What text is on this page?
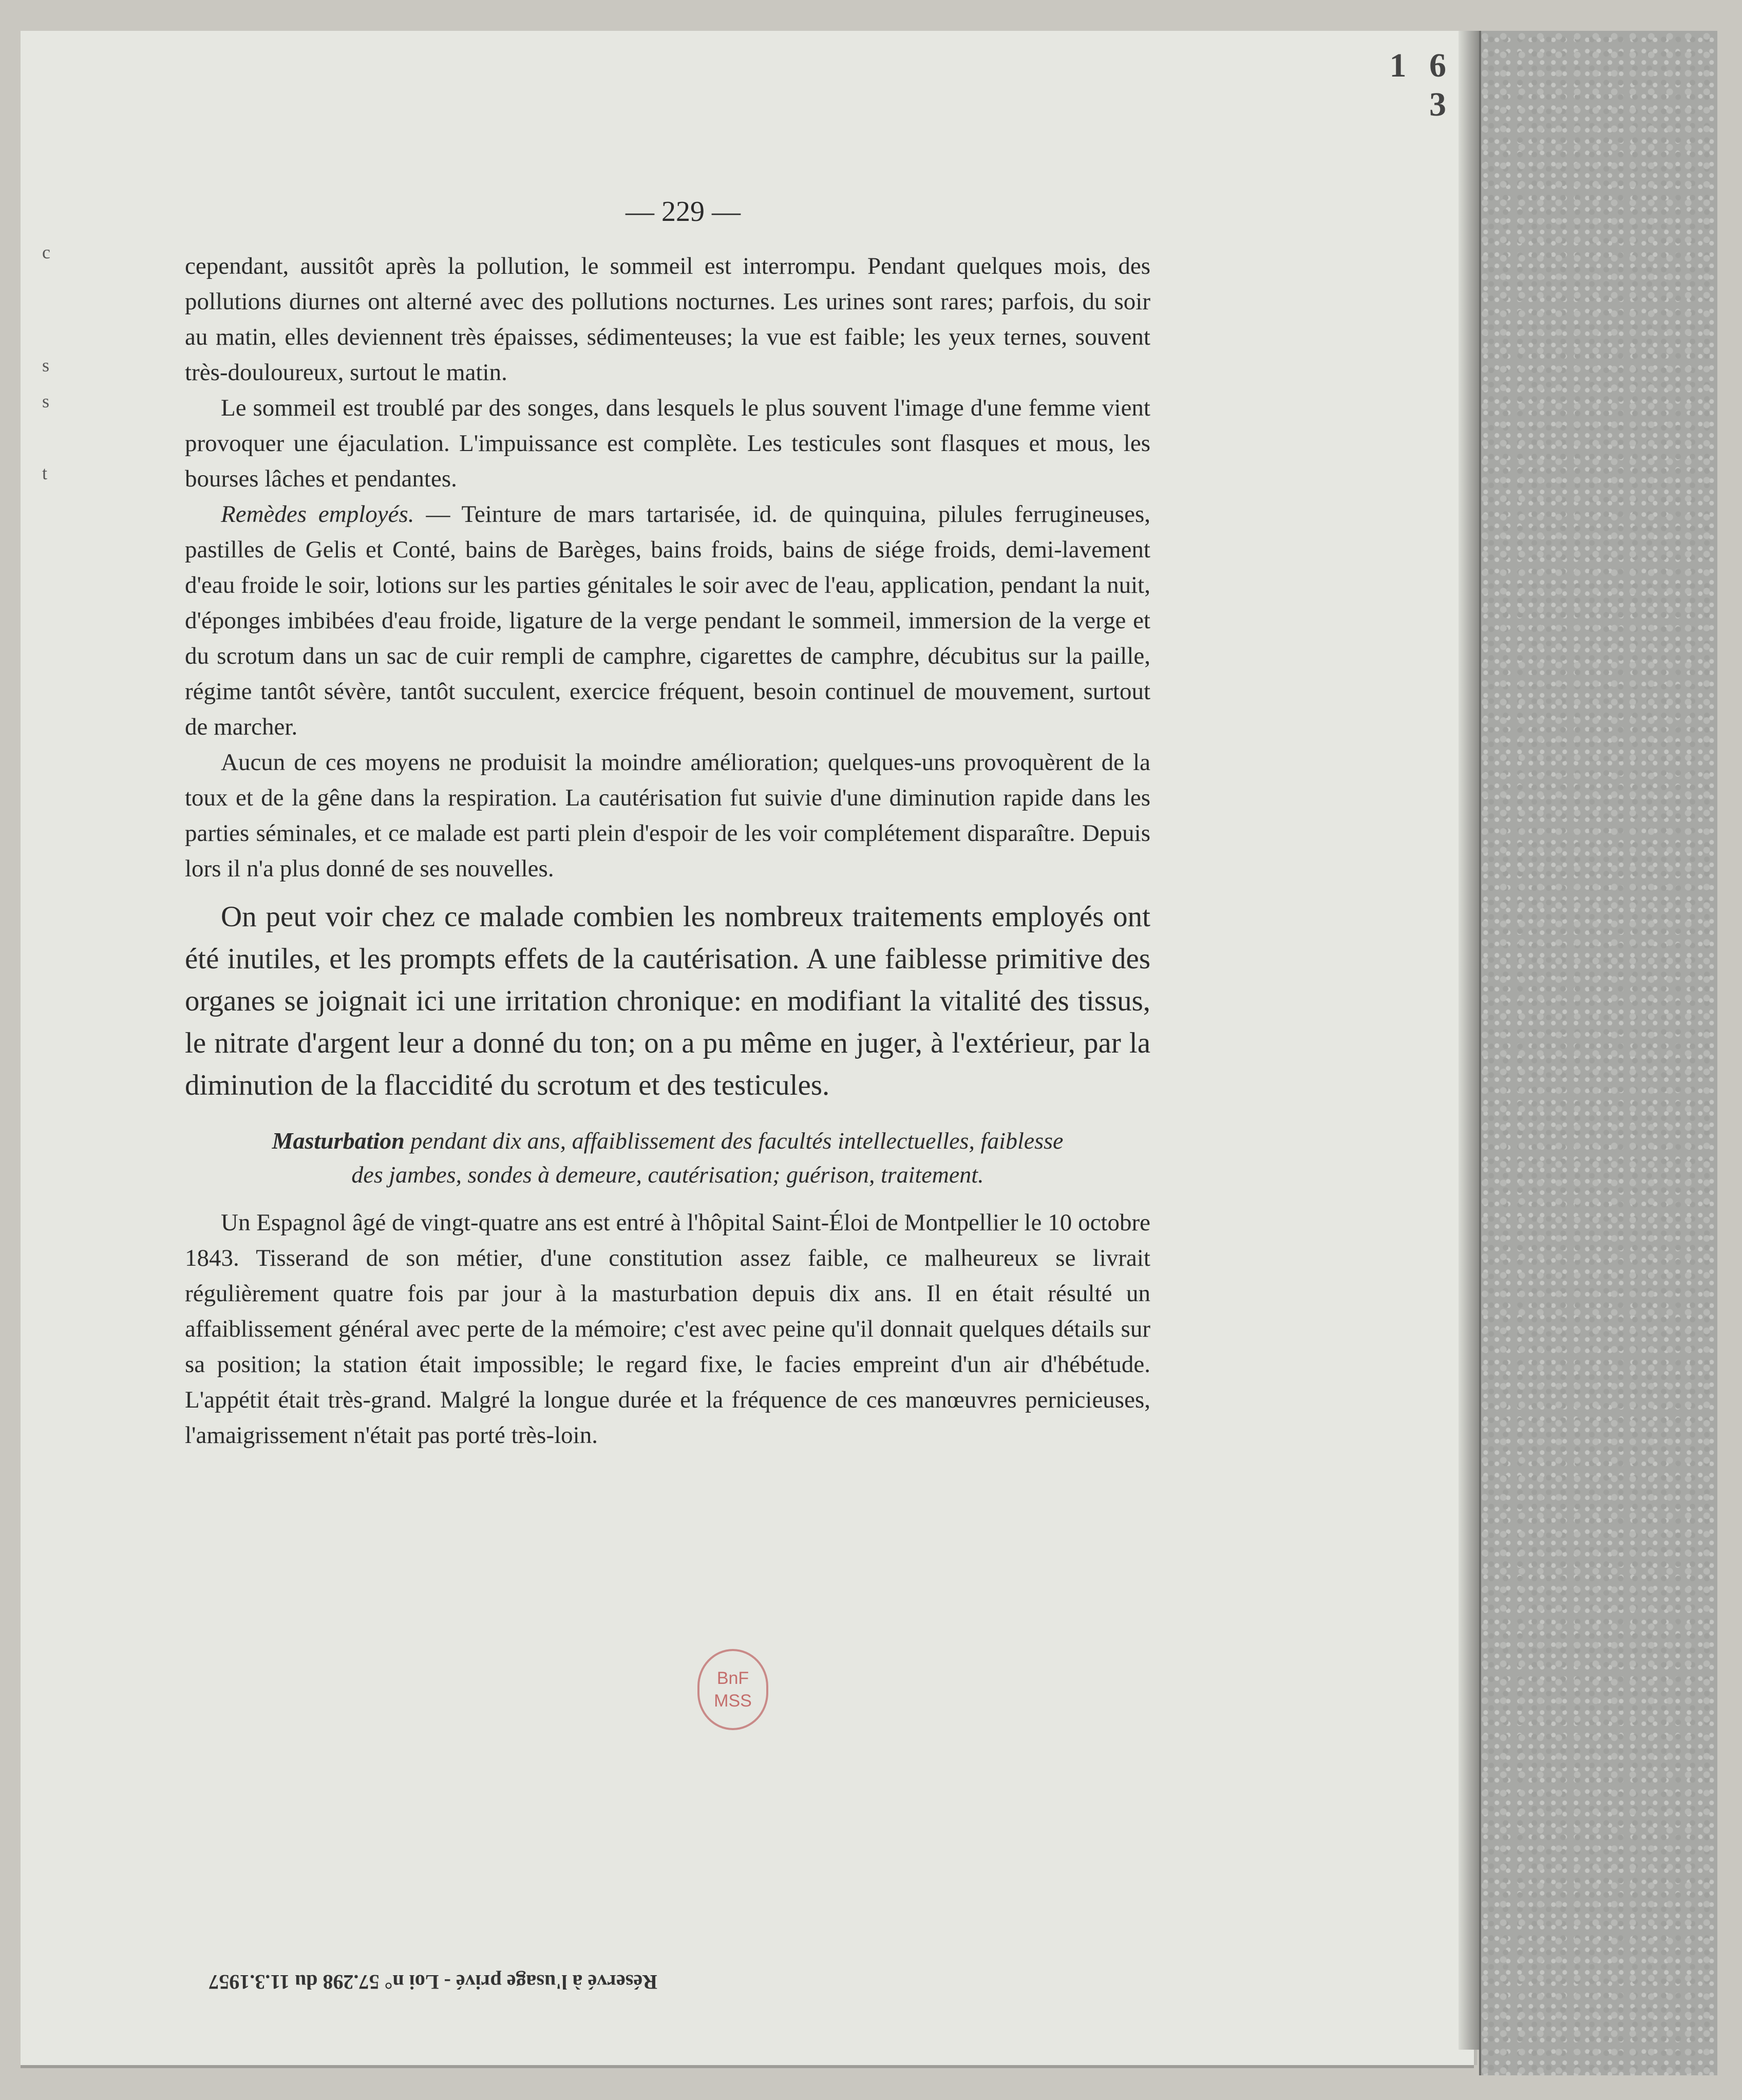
1 6 3
c
s
s
t
— 229 —

cependant, aussitôt après la pollution, le sommeil est interrompu. Pendant quelques mois, des pollutions diurnes ont alterné avec des pollutions nocturnes. Les urines sont rares; parfois, du soir au matin, elles deviennent très épaisses, sédimenteuses; la vue est faible; les yeux ternes, souvent très-douloureux, surtout le matin.

Le sommeil est troublé par des songes, dans lesquels le plus souvent l'image d'une femme vient provoquer une éjaculation. L'impuissance est complète. Les testicules sont flasques et mous, les bourses lâches et pendantes.

Remèdes employés. — Teinture de mars tartarisée, id. de quinquina, pilules ferrugineuses, pastilles de Gelis et Conté, bains de Barèges, bains froids, bains de siége froids, demi-lavement d'eau froide le soir, lotions sur les parties génitales le soir avec de l'eau, application, pendant la nuit, d'éponges imbibées d'eau froide, ligature de la verge pendant le sommeil, immersion de la verge et du scrotum dans un sac de cuir rempli de camphre, cigarettes de camphre, décubitus sur la paille, régime tantôt sévère, tantôt succulent, exercice fréquent, besoin continuel de mouvement, surtout de marcher.

Aucun de ces moyens ne produisit la moindre amélioration; quelques-uns provoquèrent de la toux et de la gêne dans la respiration. La cautérisation fut suivie d'une diminution rapide dans les parties séminales, et ce malade est parti plein d'espoir de les voir complétement disparaître. Depuis lors il n'a plus donné de ses nouvelles.

On peut voir chez ce malade combien les nombreux traitements employés ont été inutiles, et les prompts effets de la cautérisation. A une faiblesse primitive des organes se joignait ici une irritation chronique: en modifiant la vitalité des tissus, le nitrate d'argent leur a donné du ton; on a pu même en juger, à l'extérieur, par la diminution de la flaccidité du scrotum et des testicules.

Masturbation pendant dix ans, affaiblissement des facultés intellectuelles, faiblesse
des jambes, sondes à demeure, cautérisation; guérison, traitement.

Un Espagnol âgé de vingt-quatre ans est entré à l'hôpital Saint-Éloi de Montpellier le 10 octobre 1843. Tisserand de son métier, d'une constitution assez faible, ce malheureux se livrait régulièrement quatre fois par jour à la masturbation depuis dix ans. Il en était résulté un affaiblissement général avec perte de la mémoire; c'est avec peine qu'il donnait quelques détails sur sa position; la station était impossible; le regard fixe, le facies empreint d'un air d'hébétude. L'appétit était très-grand. Malgré la longue durée et la fréquence de ces manœuvres pernicieuses, l'amaigrissement n'était pas porté très-loin.

BnF
MSS
Réservé à l'usage privé - Loi n° 57.298 du 11.3.1957
